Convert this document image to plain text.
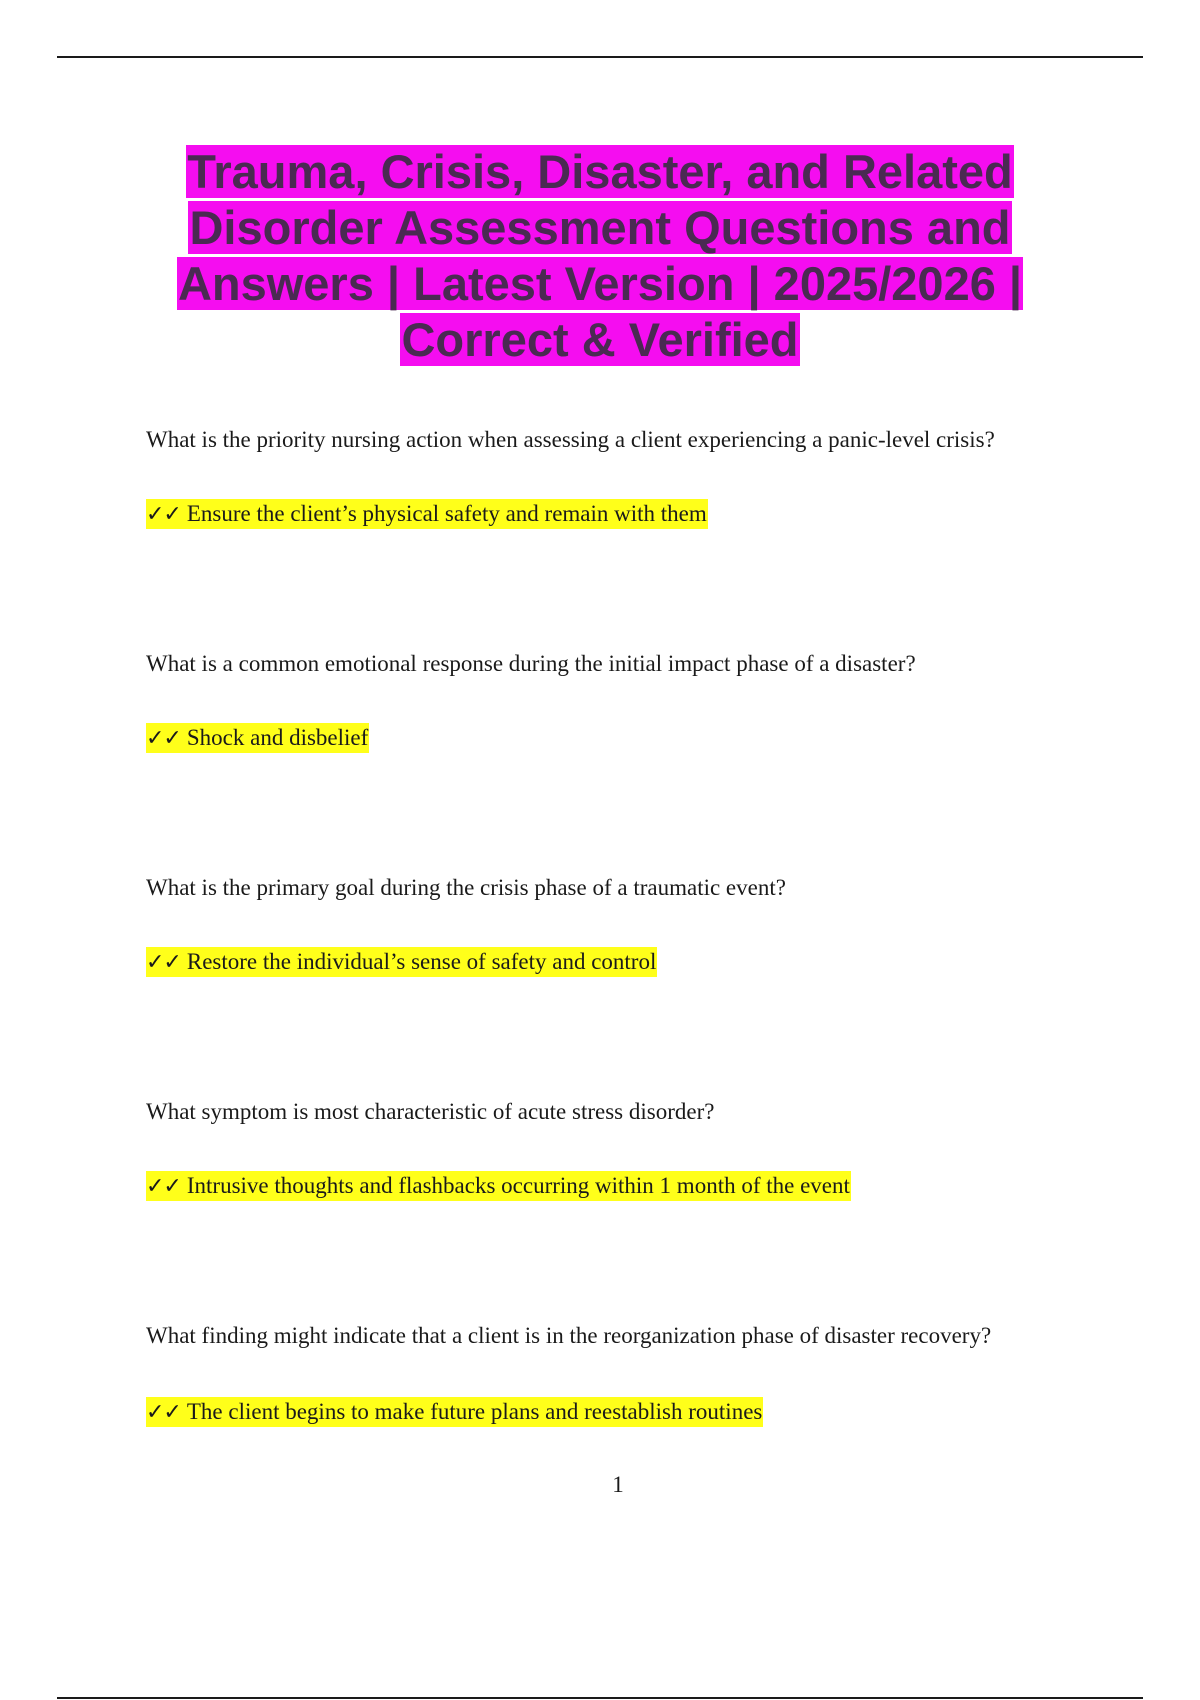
Trauma, Crisis, Disaster, and Related Disorder Assessment Questions and Answers | Latest Version | 2025/2026 | Correct & Verified

What is the priority nursing action when assessing a client experiencing a panic-level crisis?

✓✓ Ensure the client’s physical safety and remain with them

What is a common emotional response during the initial impact phase of a disaster?

✓✓ Shock and disbelief

What is the primary goal during the crisis phase of a traumatic event?

✓✓ Restore the individual’s sense of safety and control

What symptom is most characteristic of acute stress disorder?

✓✓ Intrusive thoughts and flashbacks occurring within 1 month of the event

What finding might indicate that a client is in the reorganization phase of disaster recovery?

✓✓ The client begins to make future plans and reestablish routines

1
